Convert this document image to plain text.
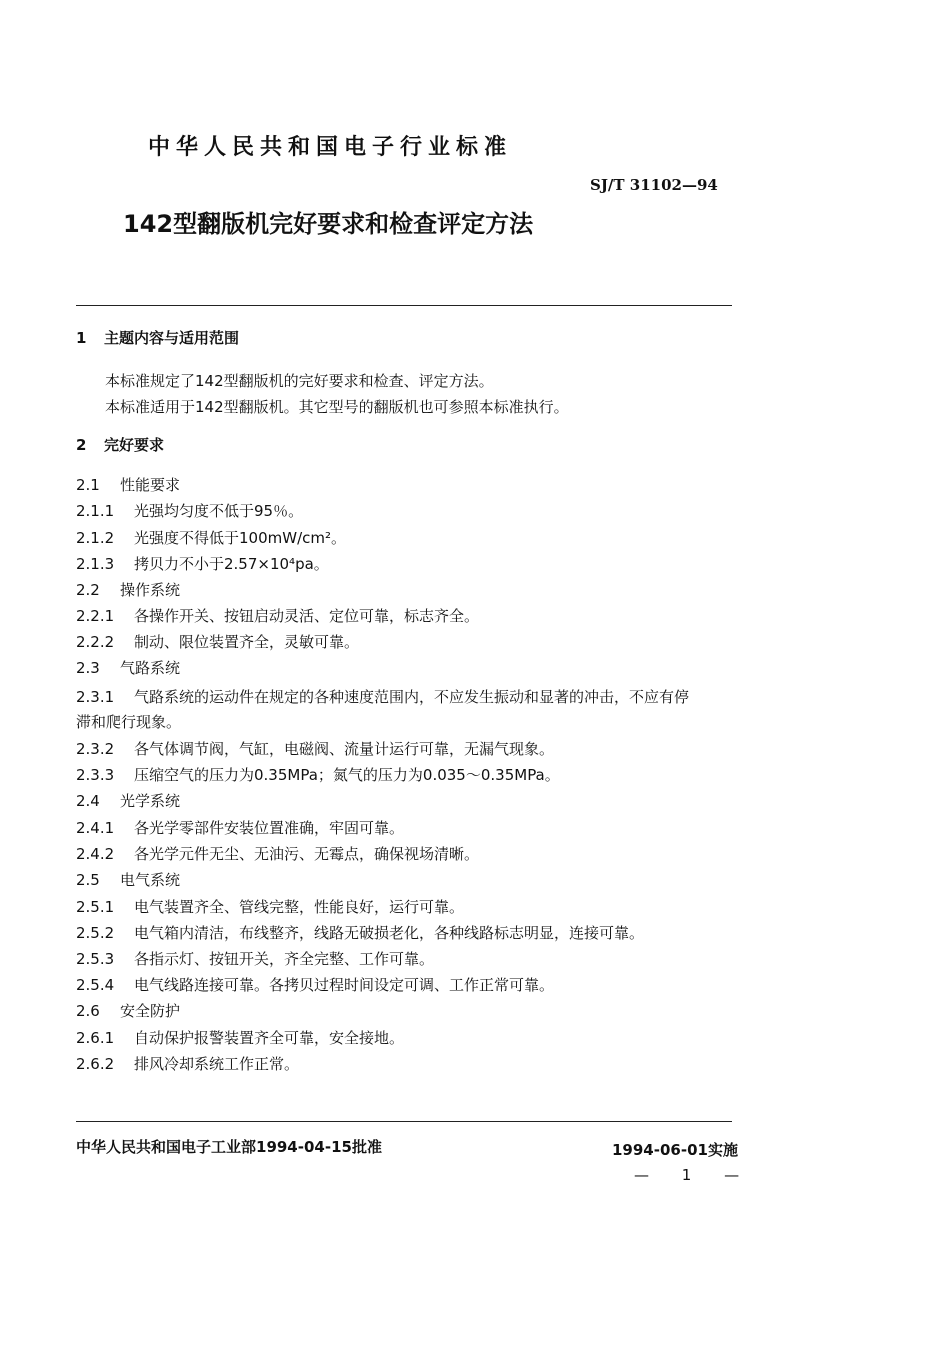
中华人民共和国电子行业标准
SJ/T 31102—94
142型翻版机完好要求和检查评定方法
1 主题内容与适用范围
本标准规定了142型翻版机的完好要求和检查、评定方法。
本标准适用于142型翻版机。其它型号的翻版机也可参照本标准执行。
2 完好要求
2.1 性能要求
2.1.1 光强均匀度不低于95％。
2.1.2 光强度不得低于100mW/cm²。
2.1.3 拷贝力不小于2.57×10⁴pa。
2.2 操作系统
2.2.1 各操作开关、按钮启动灵活、定位可靠，标志齐全。
2.2.2 制动、限位装置齐全，灵敏可靠。
2.3 气路系统
2.3.1 气路系统的运动件在规定的各种速度范围内，不应发生振动和显著的冲击，不应有停
滞和爬行现象。
2.3.2 各气体调节阀，气缸，电磁阀、流量计运行可靠，无漏气现象。
2.3.3 压缩空气的压力为0.35MPa；氮气的压力为0.035～0.35MPa。
2.4 光学系统
2.4.1 各光学零部件安装位置准确，牢固可靠。
2.4.2 各光学元件无尘、无油污、无霉点，确保视场清晰。
2.5 电气系统
2.5.1 电气装置齐全、管线完整，性能良好，运行可靠。
2.5.2 电气箱内清洁，布线整齐，线路无破损老化，各种线路标志明显，连接可靠。
2.5.3 各指示灯、按钮开关，齐全完整、工作可靠。
2.5.4 电气线路连接可靠。各拷贝过程时间设定可调、工作正常可靠。
2.6 安全防护
2.6.1 自动保护报警装置齐全可靠，安全接地。
2.6.2 排风冷却系统工作正常。
中华人民共和国电子工业部1994-04-15批准	1994-06-01实施
— 1 —
